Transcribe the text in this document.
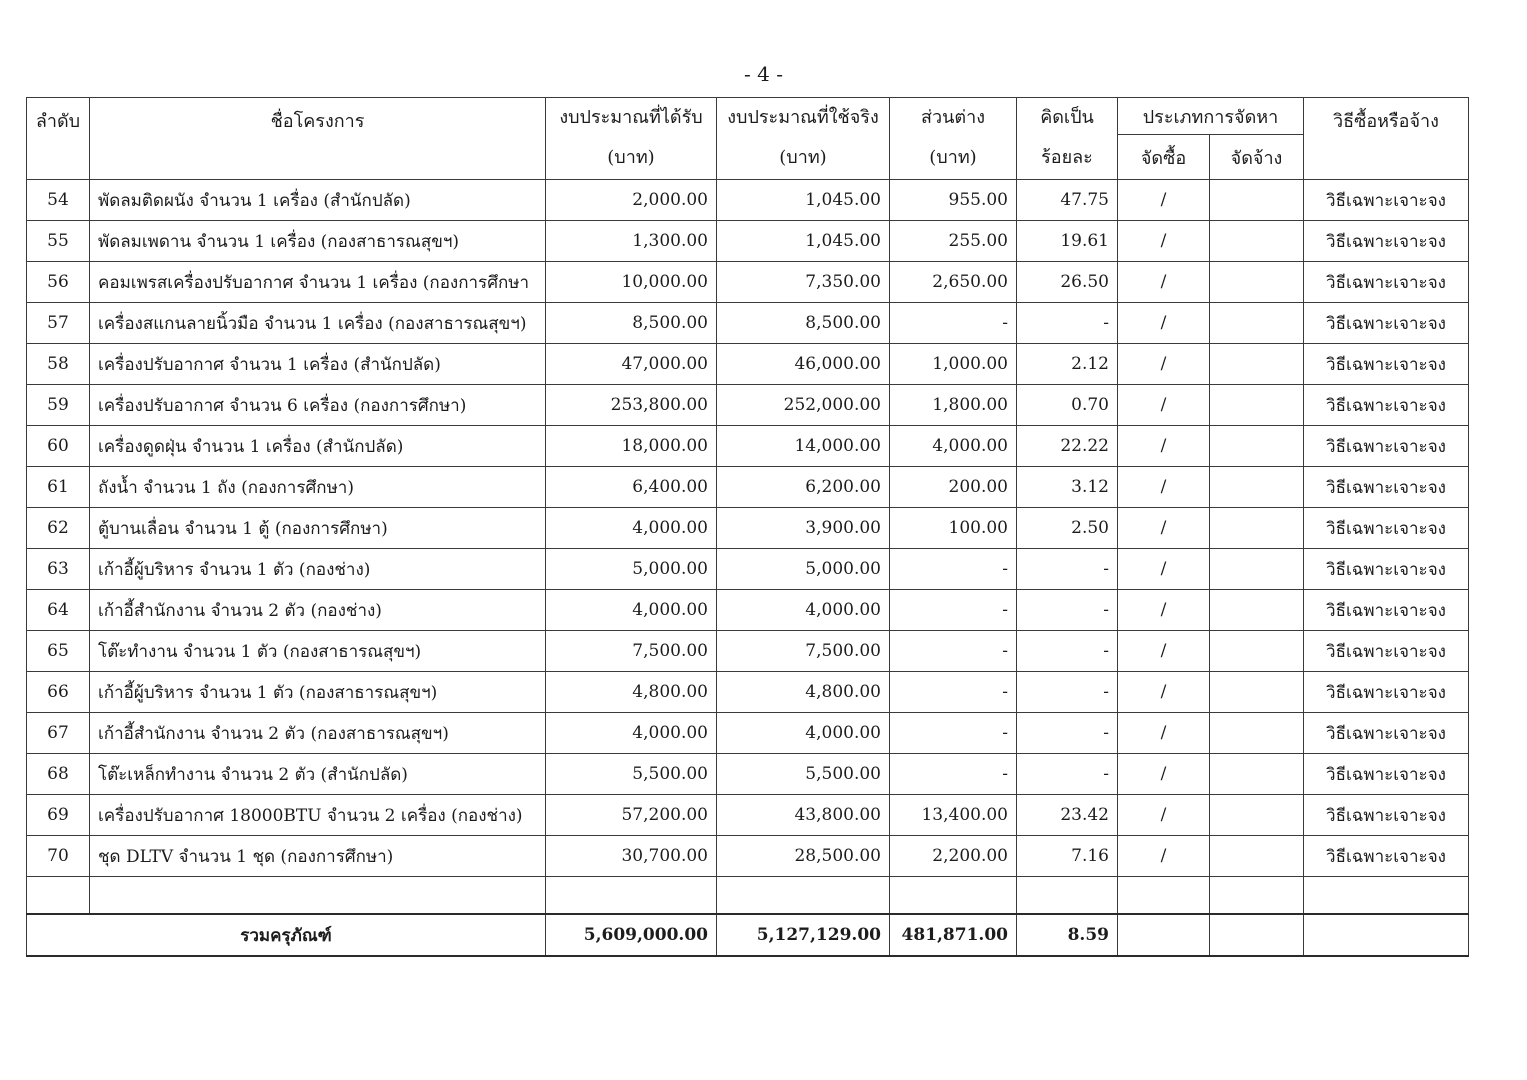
- 4 -
ลำดับ	ชื่อโครงการ	งบประมาณที่ได้รับ	งบประมาณที่ใช้จริง	ส่วนต่าง	คิดเป็น	ประเภทการจัดหา		วิธีซื้อหรือจ้าง
		(บาท)	(บาท)	(บาท)	ร้อยละ	จัดซื้อ	จัดจ้าง	
54	พัดลมติดผนัง จำนวน 1 เครื่อง (สำนักปลัด)	2,000.00	1,045.00	955.00	47.75	/		วิธีเฉพาะเจาะจง
55	พัดลมเพดาน จำนวน 1 เครื่อง (กองสาธารณสุขฯ)	1,300.00	1,045.00	255.00	19.61	/		วิธีเฉพาะเจาะจง
56	คอมเพรสเครื่องปรับอากาศ จำนวน 1 เครื่อง (กองการศึกษา	10,000.00	7,350.00	2,650.00	26.50	/		วิธีเฉพาะเจาะจง
57	เครื่องสแกนลายนิ้วมือ จำนวน 1 เครื่อง (กองสาธารณสุขฯ)	8,500.00	8,500.00	-	-	/		วิธีเฉพาะเจาะจง
58	เครื่องปรับอากาศ จำนวน 1 เครื่อง (สำนักปลัด)	47,000.00	46,000.00	1,000.00	2.12	/		วิธีเฉพาะเจาะจง
59	เครื่องปรับอากาศ จำนวน 6 เครื่อง (กองการศึกษา)	253,800.00	252,000.00	1,800.00	0.70	/		วิธีเฉพาะเจาะจง
60	เครื่องดูดฝุ่น จำนวน 1 เครื่อง (สำนักปลัด)	18,000.00	14,000.00	4,000.00	22.22	/		วิธีเฉพาะเจาะจง
61	ถังน้ำ จำนวน 1 ถัง (กองการศึกษา)	6,400.00	6,200.00	200.00	3.12	/		วิธีเฉพาะเจาะจง
62	ตู้บานเลื่อน จำนวน 1 ตู้ (กองการศึกษา)	4,000.00	3,900.00	100.00	2.50	/		วิธีเฉพาะเจาะจง
63	เก้าอี้ผู้บริหาร จำนวน 1 ตัว (กองช่าง)	5,000.00	5,000.00	-	-	/		วิธีเฉพาะเจาะจง
64	เก้าอี้สำนักงาน จำนวน 2 ตัว (กองช่าง)	4,000.00	4,000.00	-	-	/		วิธีเฉพาะเจาะจง
65	โต๊ะทำงาน จำนวน 1 ตัว (กองสาธารณสุขฯ)	7,500.00	7,500.00	-	-	/		วิธีเฉพาะเจาะจง
66	เก้าอี้ผู้บริหาร จำนวน 1 ตัว (กองสาธารณสุขฯ)	4,800.00	4,800.00	-	-	/		วิธีเฉพาะเจาะจง
67	เก้าอี้สำนักงาน จำนวน 2 ตัว (กองสาธารณสุขฯ)	4,000.00	4,000.00	-	-	/		วิธีเฉพาะเจาะจง
68	โต๊ะเหล็กทำงาน จำนวน 2 ตัว (สำนักปลัด)	5,500.00	5,500.00	-	-	/		วิธีเฉพาะเจาะจง
69	เครื่องปรับอากาศ 18000BTU จำนวน 2 เครื่อง (กองช่าง)	57,200.00	43,800.00	13,400.00	23.42	/		วิธีเฉพาะเจาะจง
70	ชุด DLTV จำนวน 1 ชุด (กองการศึกษา)	30,700.00	28,500.00	2,200.00	7.16	/		วิธีเฉพาะเจาะจง

รวมครุภัณฑ์		5,609,000.00	5,127,129.00	481,871.00	8.59			
